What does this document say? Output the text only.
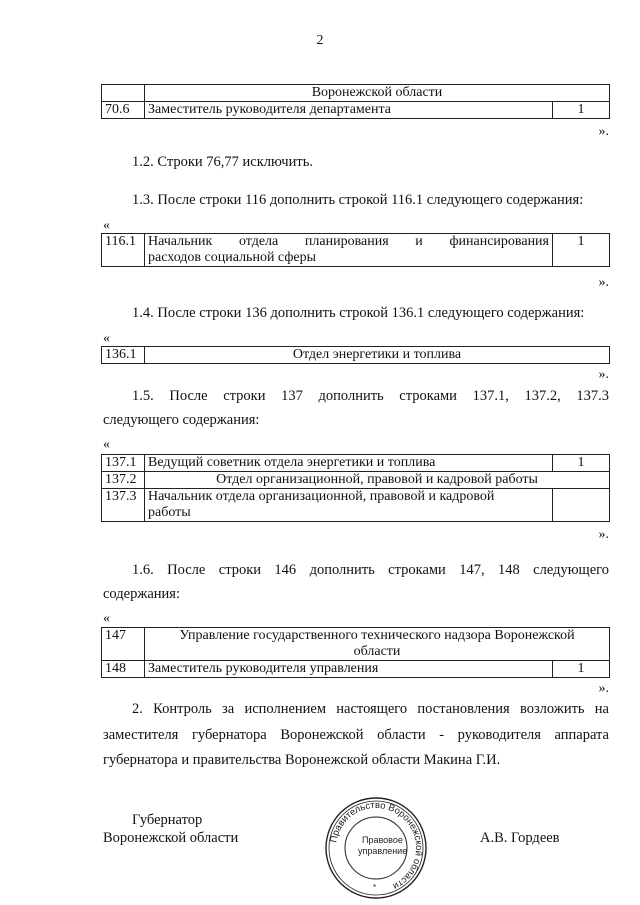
2
	Воронежской области	
70.6	Заместитель руководителя департамента	1
».
1.2. Строки 76,77 исключить.
1.3. После строки 116 дополнить строкой 116.1 следующего содержания:
«
116.1	Начальник отдела планирования и финансирования
расходов социальной сферы
	1
».
1.4. После строки 136 дополнить строкой 136.1 следующего содержания:
«
136.1	Отдел энергетики и топлива
».
1.5. После строки 137 дополнить строками 137.1, 137.2, 137.3
следующего содержания:
«
137.1	Ведущий советник отдела энергетики и топлива	1
137.2	Отдел организационной, правовой и кадровой работы	
137.3	Начальник отдела организационной, правовой и кадровой
работы	

».
1.6. После строки 146 дополнить строками 147, 148 следующего
содержания:
«
147	Управление государственного технического надзора Воронежской
области	

148	Заместитель руководителя управления	1
».
2. Контроль за исполнением настоящего постановления возложить на
заместителя губернатора Воронежской области - руководителя аппарата
губернатора и правительства Воронежской области Макина Г.И.
Губернатор
Воронежской области	А.В. Гордеев
Правительство Воронежской области
Правовое
управление
*
